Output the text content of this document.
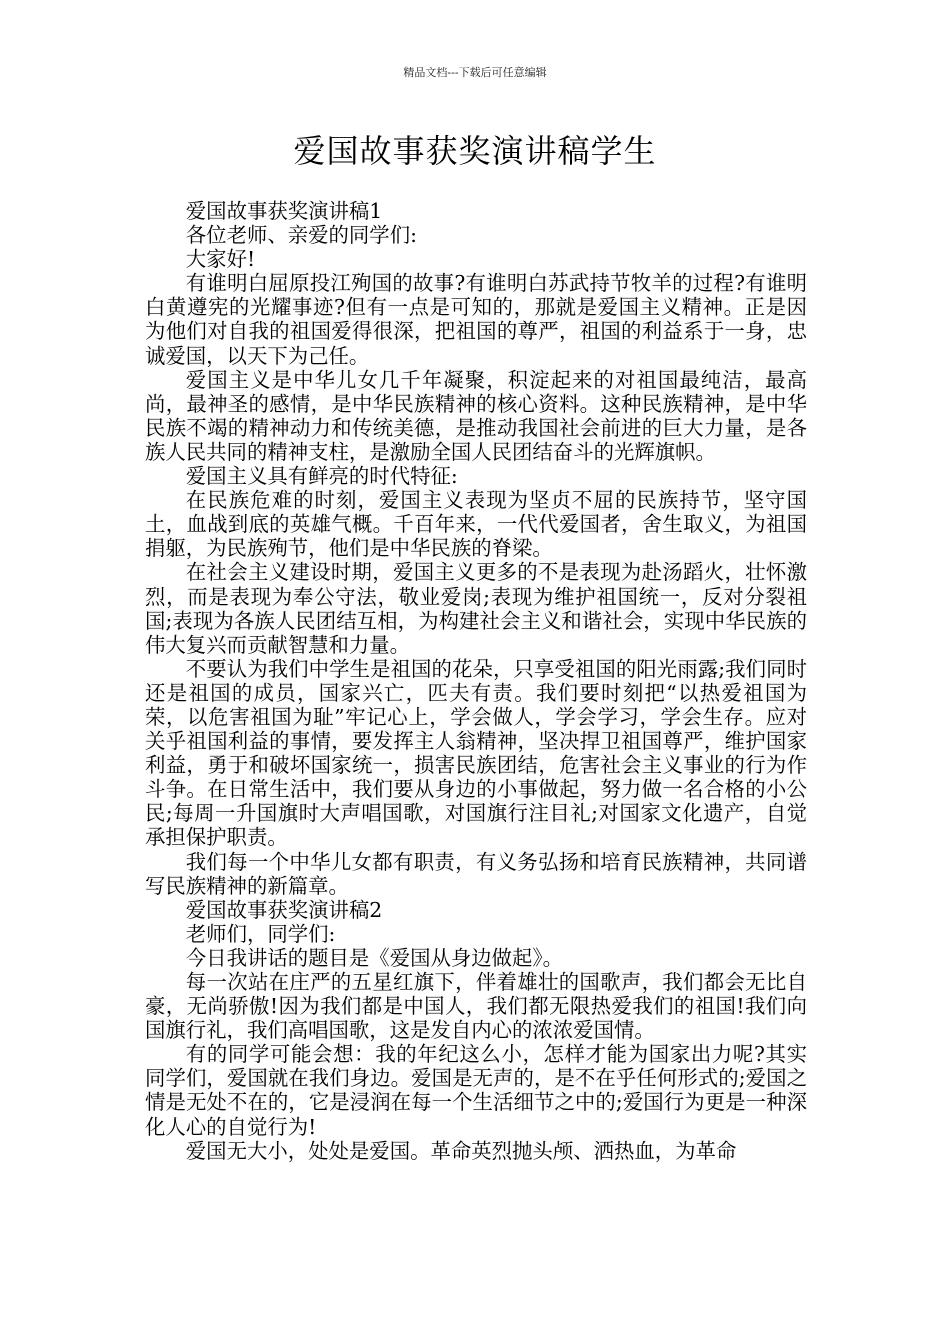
精品文档---下载后可任意编辑
爱国故事获奖演讲稿学生

爱国故事获奖演讲稿1

各位老师、亲爱的同学们:

大家好!

有谁明白屈原投江殉国的故事?有谁明白苏武持节牧羊的过程?有谁明白黄遵宪的光耀事迹?但有一点是可知的，那就是爱国主义精神。正是因为他们对自我的祖国爱得很深，把祖国的尊严，祖国的利益系于一身，忠诚爱国，以天下为己任。

爱国主义是中华儿女几千年凝聚，积淀起来的对祖国最纯洁，最高尚，最神圣的感情，是中华民族精神的核心资料。这种民族精神，是中华民族不竭的精神动力和传统美德，是推动我国社会前进的巨大力量，是各族人民共同的精神支柱，是激励全国人民团结奋斗的光辉旗帜。

爱国主义具有鲜亮的时代特征:

在民族危难的时刻，爱国主义表现为坚贞不屈的民族持节，坚守国土，血战到底的英雄气概。千百年来，一代代爱国者，舍生取义，为祖国捐躯，为民族殉节，他们是中华民族的脊梁。

在社会主义建设时期，爱国主义更多的不是表现为赴汤蹈火，壮怀激烈，而是表现为奉公守法，敬业爱岗;表现为维护祖国统一，反对分裂祖国;表现为各族人民团结互相，为构建社会主义和谐社会，实现中华民族的伟大复兴而贡献智慧和力量。

不要认为我们中学生是祖国的花朵，只享受祖国的阳光雨露;我们同时还是祖国的成员，国家兴亡，匹夫有责。我们要时刻把“以热爱祖国为荣，以危害祖国为耻”牢记心上，学会做人，学会学习，学会生存。应对关乎祖国利益的事情，要发挥主人翁精神，坚决捍卫祖国尊严，维护国家利益，勇于和破坏国家统一，损害民族团结，危害社会主义事业的行为作斗争。在日常生活中，我们要从身边的小事做起，努力做一名合格的小公民;每周一升国旗时大声唱国歌，对国旗行注目礼;对国家文化遗产，自觉承担保护职责。

我们每一个中华儿女都有职责，有义务弘扬和培育民族精神，共同谱写民族精神的新篇章。

爱国故事获奖演讲稿2

老师们，同学们:

今日我讲话的题目是《爱国从身边做起》。

每一次站在庄严的五星红旗下，伴着雄壮的国歌声，我们都会无比自豪，无尚骄傲!因为我们都是中国人，我们都无限热爱我们的祖国!我们向国旗行礼，我们高唱国歌，这是发自内心的浓浓爱国情。

有的同学可能会想：我的年纪这么小，怎样才能为国家出力呢?其实同学们，爱国就在我们身边。爱国是无声的，是不在乎任何形式的;爱国之情是无处不在的，它是浸润在每一个生活细节之中的;爱国行为更是一种深化人心的自觉行为!

爱国无大小，处处是爱国。革命英烈抛头颅、洒热血，为革命
